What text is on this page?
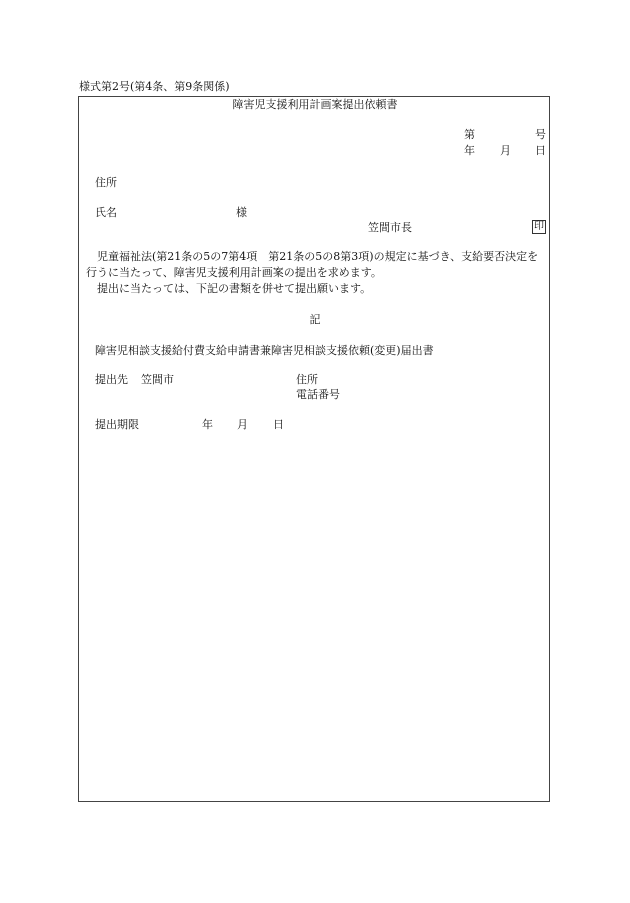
様式第2号(第4条、第9条関係)
障害児支援利用計画案提出依頼書
第	号
年 月 日
住所
氏名	様
笠間市長	印
児童福祉法(第21条の5の7第4項　第21条の5の8第3項)の規定に基づき、支給要否決定を行うに当たって、障害児支援利用計画案の提出を求めます。
提出に当たっては、下記の書類を併せて提出願います。
記
障害児相談支援給付費支給申請書兼障害児相談支援依頼(変更)届出書
提出先 笠間市	住所
電話番号
提出期限	年 月 日
